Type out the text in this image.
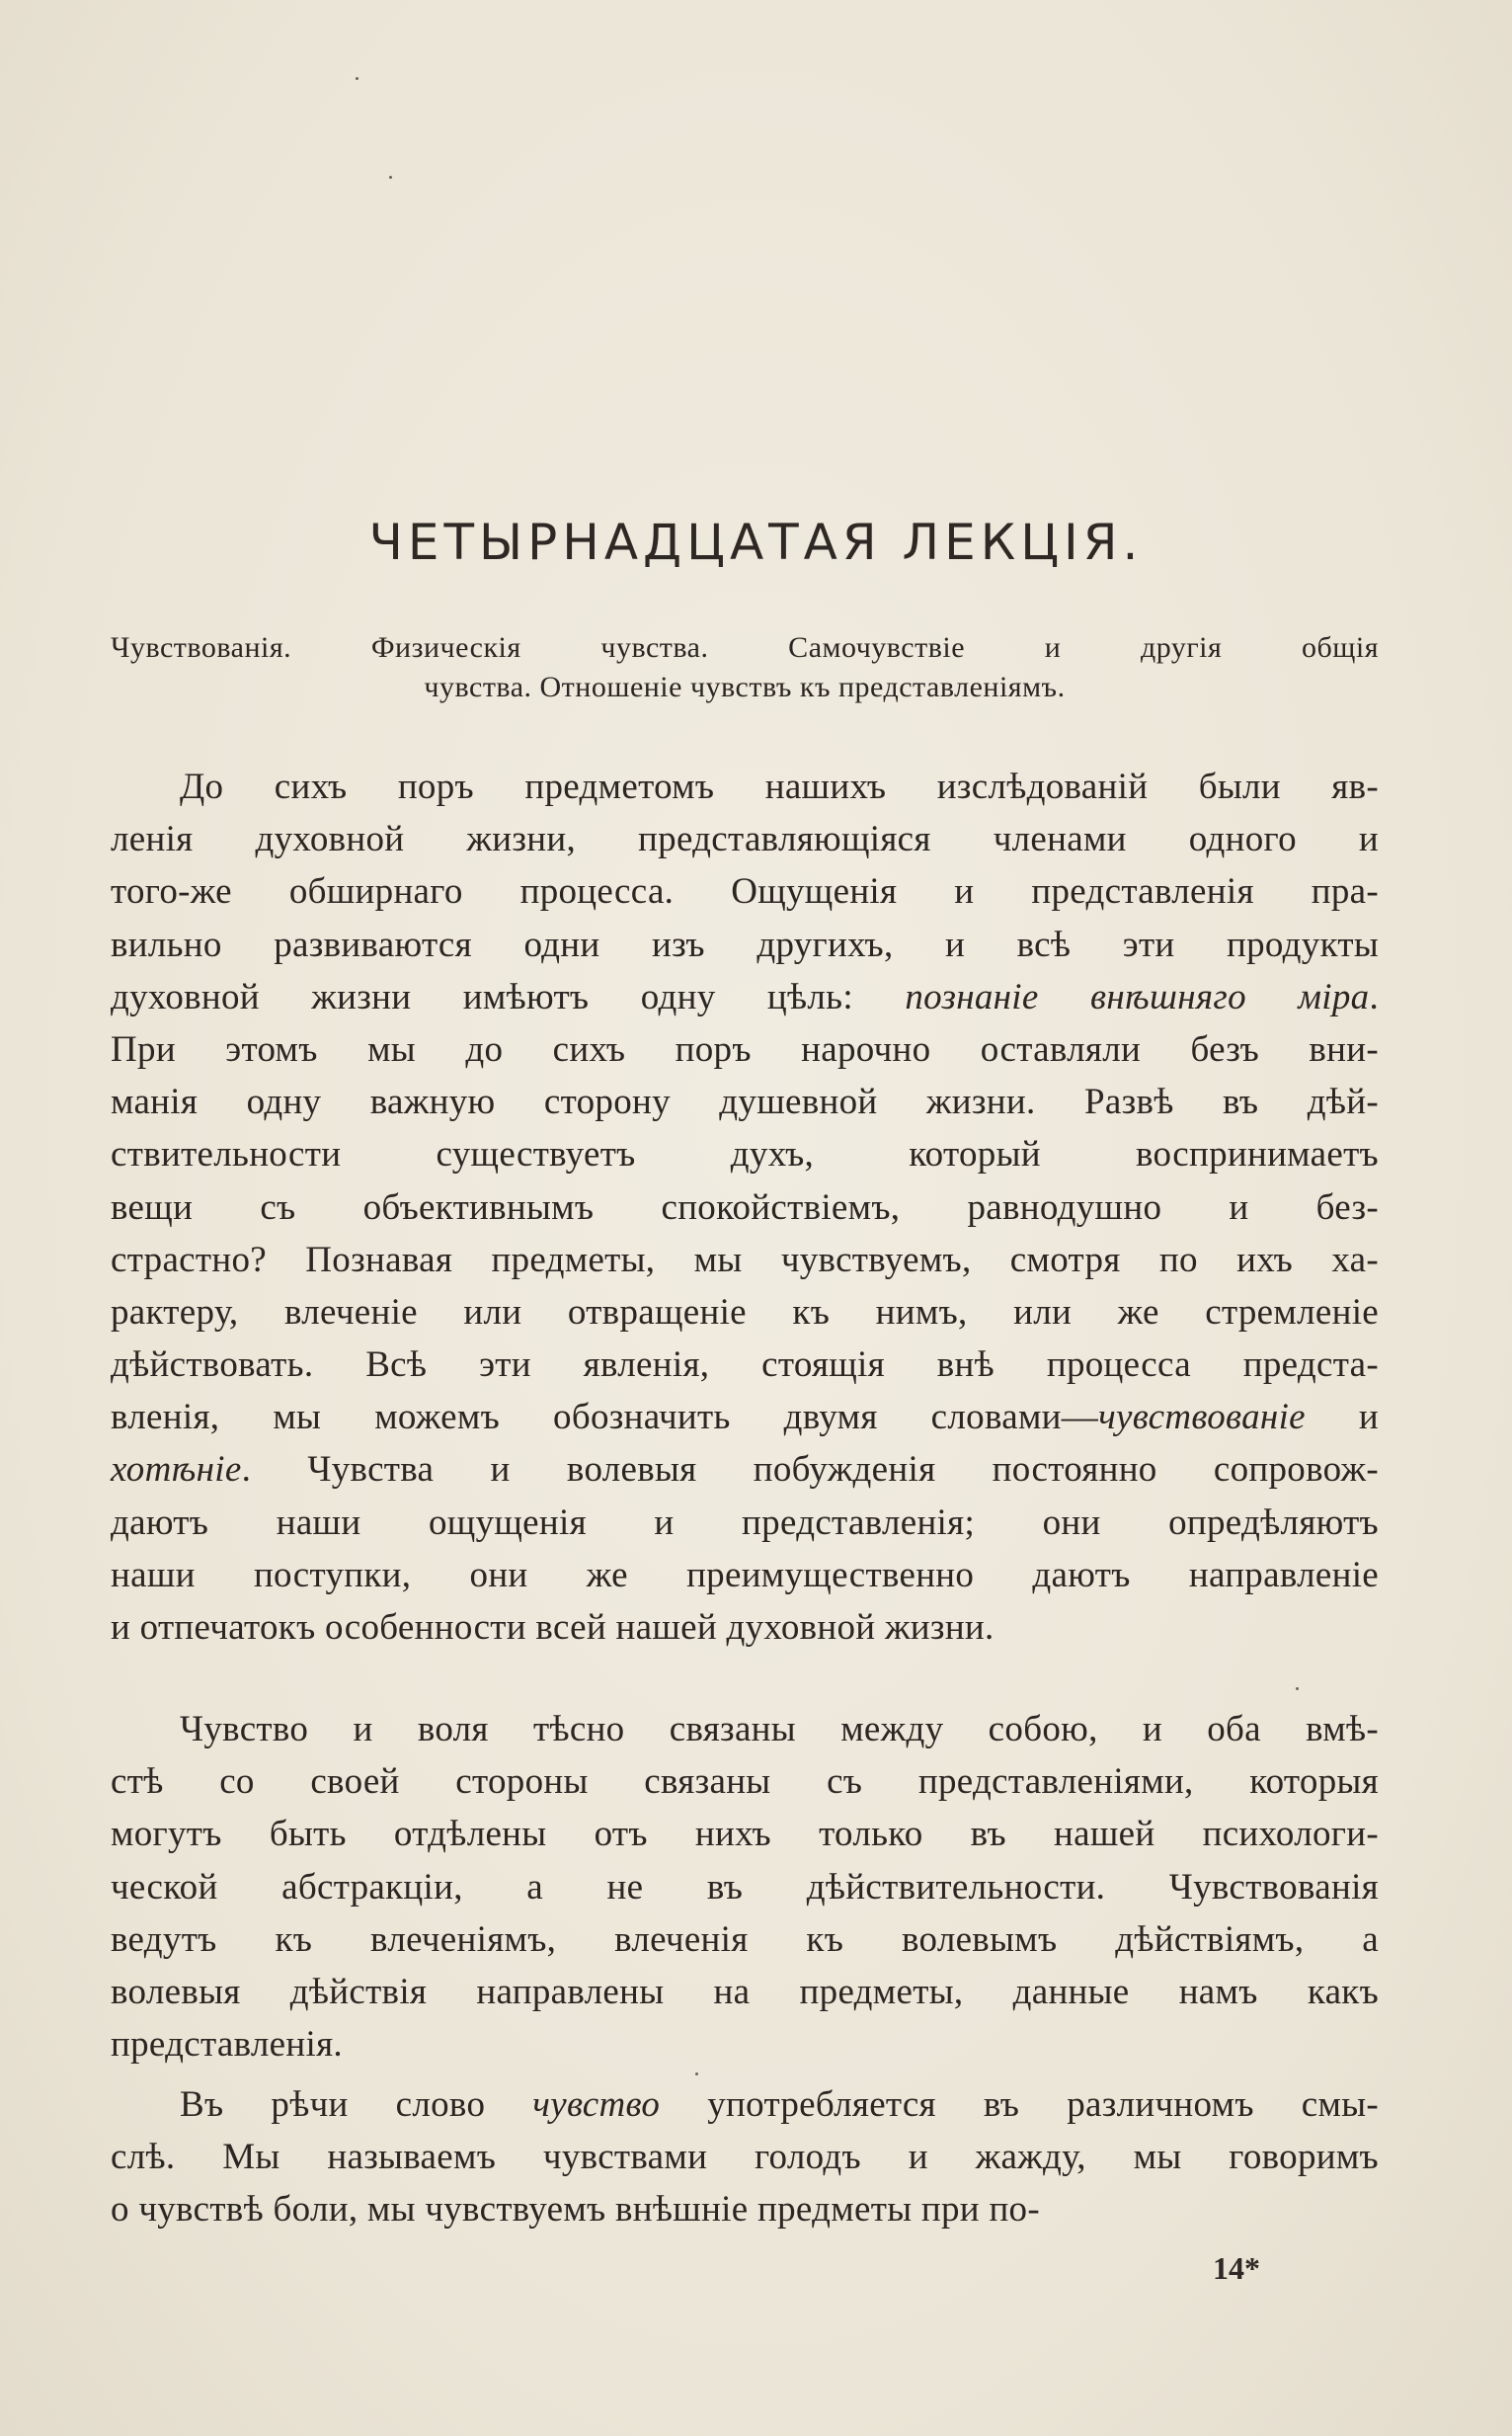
ЧЕТЫРНАДЦАТАЯ ЛЕКЦІЯ.
Чувствованія. Физическія чувства. Самочувствіе и другія общія
чувства. Отношеніе чувствъ къ представленіямъ.
До сихъ поръ предметомъ нашихъ изслѣдованій были яв-
ленія духовной жизни, представляющіяся членами одного и
того-же обширнаго процесса. Ощущенія и представленія пра-
вильно развиваются одни изъ другихъ, и всѣ эти продукты
духовной жизни имѣютъ одну цѣль: познаніе внѣшняго міра.
При этомъ мы до сихъ поръ нарочно оставляли безъ вни-
манія одну важную сторону душевной жизни. Развѣ въ дѣй-
ствительности существуетъ духъ, который воспринимаетъ
вещи съ объективнымъ спокойствіемъ, равнодушно и без-
страстно? Познавая предметы, мы чувствуемъ, смотря по ихъ ха-
рактеру, влеченіе или отвращеніе къ нимъ, или же стремленіе
дѣйствовать. Всѣ эти явленія, стоящія внѣ процесса предста-
вленія, мы можемъ обозначить двумя словами—чувствованіе и
хотѣніе. Чувства и волевыя побужденія постоянно сопровож-
даютъ наши ощущенія и представленія; они опредѣляютъ
наши поступки, они же преимущественно даютъ направленіе
и отпечатокъ особенности всей нашей духовной жизни.
Чувство и воля тѣсно связаны между собою, и оба вмѣ-
стѣ со своей стороны связаны съ представленіями, которыя
могутъ быть отдѣлены отъ нихъ только въ нашей психологи-
ческой абстракціи, а не въ дѣйствительности. Чувствованія
ведутъ къ влеченіямъ, влеченія къ волевымъ дѣйствіямъ, а
волевыя дѣйствія направлены на предметы, данные намъ какъ
представленія.
Въ рѣчи слово чувство употребляется въ различномъ смы-
слѣ. Мы называемъ чувствами голодъ и жажду, мы говоримъ
о чувствѣ боли, мы чувствуемъ внѣшніе предметы при по-
14*
